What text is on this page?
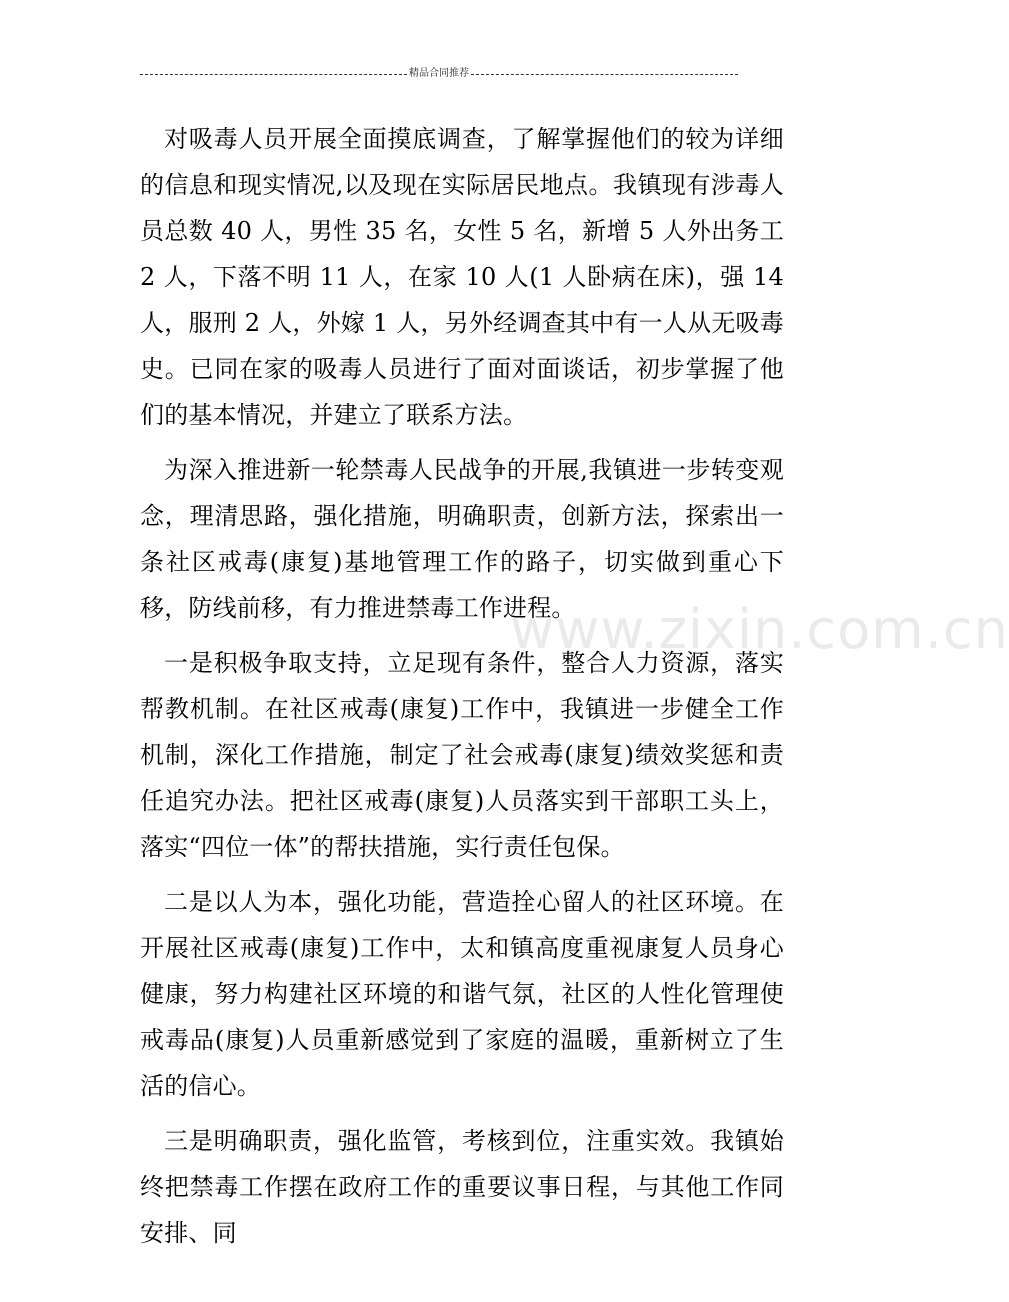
精品合同推荐

对吸毒人员开展全面摸底调查，了解掌握他们的较为详细的信息和现实情况,以及现在实际居民地点。我镇现有涉毒人员总数 40 人，男性 35 名，女性 5 名，新增 5 人外出务工 2 人，下落不明 11 人，在家 10 人(1 人卧病在床)，强 14 人，服刑 2 人，外嫁 1 人，另外经调查其中有一人从无吸毒史。已同在家的吸毒人员进行了面对面谈话，初步掌握了他们的基本情况，并建立了联系方法。

为深入推进新一轮禁毒人民战争的开展,我镇进一步转变观念，理清思路，强化措施，明确职责，创新方法，探索出一条社区戒毒(康复)基地管理工作的路子，切实做到重心下移，防线前移，有力推进禁毒工作进程。

一是积极争取支持，立足现有条件，整合人力资源，落实帮教机制。在社区戒毒(康复)工作中，我镇进一步健全工作机制，深化工作措施，制定了社会戒毒(康复)绩效奖惩和责任追究办法。把社区戒毒(康复)人员落实到干部职工头上，落实“四位一体”的帮扶措施，实行责任包保。

二是以人为本，强化功能，营造拴心留人的社区环境。在开展社区戒毒(康复)工作中，太和镇高度重视康复人员身心健康，努力构建社区环境的和谐气氛，社区的人性化管理使戒毒品(康复)人员重新感觉到了家庭的温暖，重新树立了生活的信心。

三是明确职责，强化监管，考核到位，注重实效。我镇始终把禁毒工作摆在政府工作的重要议事日程，与其他工作同安排、同

www.zixin.com.cn
